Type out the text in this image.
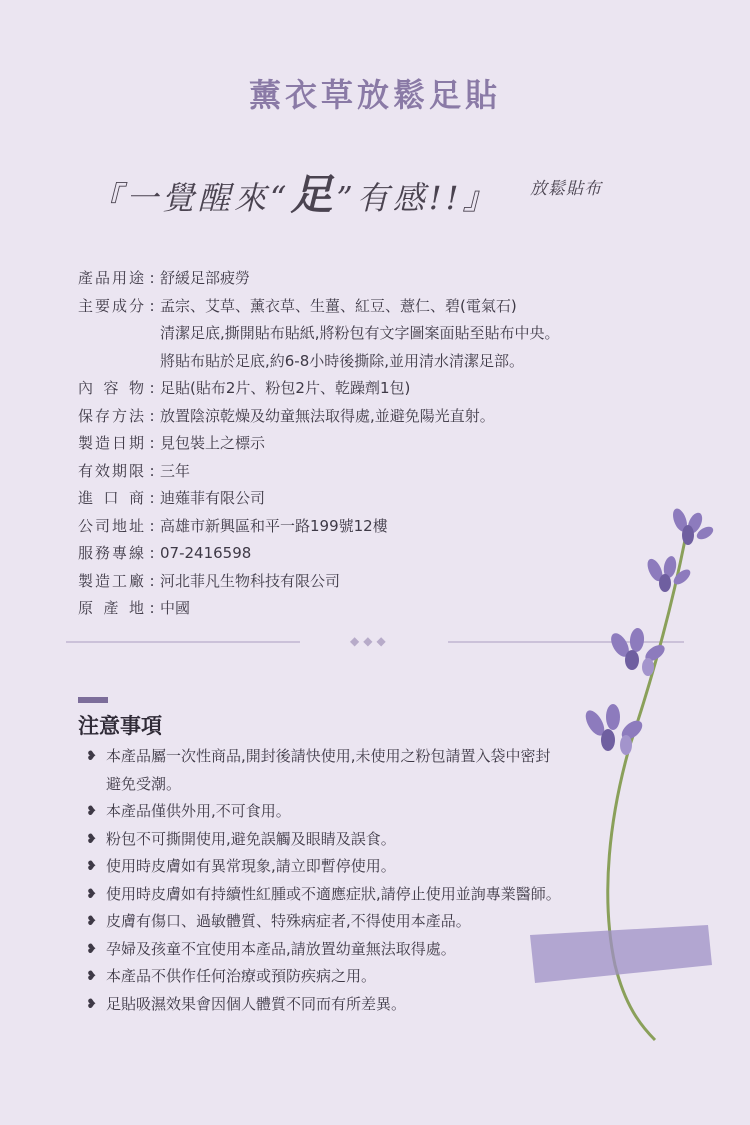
薰衣草放鬆足貼
『一覺醒來“足”有感!!』 放鬆貼布
產品用途 : 舒緩足部疲勞
主要成分 : 孟宗、艾草、薰衣草、生薑、紅豆、薏仁、碧(電氣石)
清潔足底,撕開貼布貼紙,將粉包有文字圖案面貼至貼布中央。
將貼布貼於足底,約6-8小時後撕除,並用清水清潔足部。
內容物 : 足貼(貼布2片、粉包2片、乾躁劑1包)
保存方法 : 放置陰涼乾燥及幼童無法取得處,並避免陽光直射。
製造日期 : 見包裝上之標示
有效期限 : 三年
進口商 : 迪薙菲有限公司
公司地址 : 高雄市新興區和平一路199號12樓
服務專線 : 07-2416598
製造工廠 : 河北菲凡生物科技有限公司
原產地 : 中國
◆◆◆
注意事項
❥ 本產品屬一次性商品,開封後請快使用,未使用之粉包請置入袋中密封
避免受潮。
❥ 本產品僅供外用,不可食用。
❥ 粉包不可撕開使用,避免誤觸及眼睛及誤食。
❥ 使用時皮膚如有異常現象,請立即暫停使用。
❥ 使用時皮膚如有持續性紅腫或不適應症狀,請停止使用並詢專業醫師。
❥ 皮膚有傷口、過敏體質、特殊病症者,不得使用本產品。
❥ 孕婦及孩童不宜使用本產品,請放置幼童無法取得處。
❥ 本產品不供作任何治療或預防疾病之用。
❥ 足貼吸濕效果會因個人體質不同而有所差異。
